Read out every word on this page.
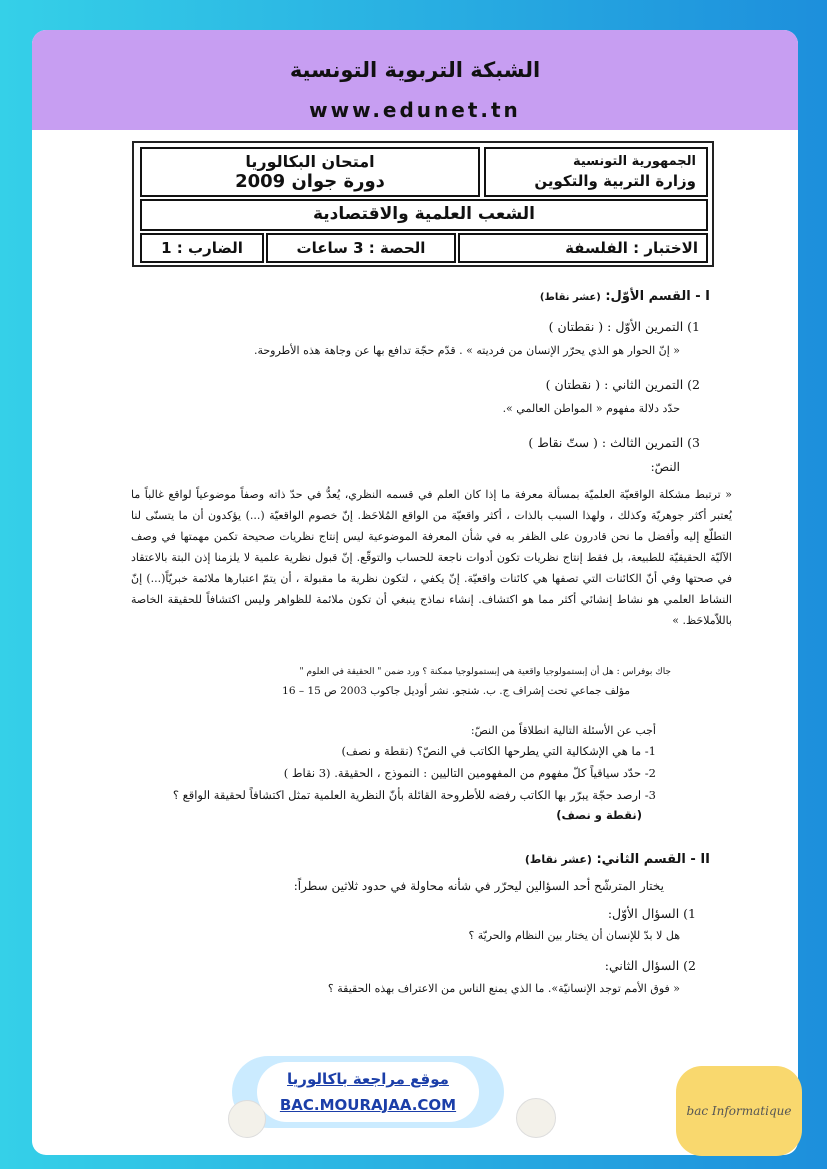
الشبكة التربوية التونسية
www.edunet.tn
الجمهورية التونسية
وزارة التربية والتكوين
امتحان البكالوريا
دورة جوان 2009
الشعب العلمية والاقتصادية
الاختبار : الفلسفة
الحصة : 3 ساعات
الضارب : 1
I - القسم الأوّل: (عشر نقاط)
1) التمرين الأوّل : ( نقطتان )
« إنّ الحوار هو الذي يحرّر الإنسان من فرديته » . قدّم حجّة تدافع بها عن وجاهة هذه الأطروحة.
2) التمرين الثاني : ( نقطتان )
حدّد دلالة مفهوم « المواطن العالمي ».
3) التمرين الثالث : ( ستّ نقاط )
النصّ:
« ترتبط مشكلة الواقعيّة العلميّة بمسألة معرفة ما إذا كان العلم في قسمه النظري، يُعدُّ في حدّ ذاته وصفاً موضوعياً لواقع غالباً ما يُعتبر أكثر جوهريّة وكذلك ، ولهذا السبب بالذات ، أكثر واقعيّة من الواقع المُلاحَظ. إنّ خصوم الواقعيّة (...) يؤكدون أن ما يتسنّى لنا التطلّع إليه وأفضل ما نحن قادرون على الظفر به في شأن المعرفة الموضوعية ليس إنتاج نظريات صحيحة تكمن مهمتها في وصف الآليّة الحقيقيّة للطبيعة، بل فقط إنتاج نظريات تكون أدوات ناجعة للحساب والتوقّع. إنّ قبول نظرية علمية لا يلزمنا إذن البتة بالاعتقاد في صحتها وفي أنّ الكائنات التي تصفها هي كائنات واقعيّة. إنّ يكفي ، لتكون نظرية ما مقبولة ، أن يتمّ اعتبارها ملائمة خبريّاً(...) إنّ النشاط العلمي هو نشاط إنشائي أكثر مما هو اكتشاف. إنشاء نماذج ينبغي أن تكون ملائمة للظواهر وليس اكتشافاً للحقيقة الخاصة باللاّملاحَظ. »
جاك بوفراس : هل أن إبستمولوجيا واقعية هي إبستمولوجيا ممكنة ؟ ورد ضمن " الحقيقة في العلوم "
مؤلف جماعي تحت إشراف ج. ب. شنجو. نشر أوديل جاكوب 2003 ص 15 – 16
أجب عن الأسئلة التالية انطلاقاً من النصّ:
1- ما هي الإشكالية التي يطرحها الكاتب في النصّ؟ (نقطة و نصف)
2- حدّد سياقياً كلّ مفهوم من المفهومين التاليين : النموذج ، الحقيقة. (3 نقاط )
3- ارصد حجّة يبرّر بها الكاتب رفضه للأطروحة القائلة بأنّ النظرية العلمية تمثل اكتشافاً لحقيقة الواقع ؟
(نقطة و نصف)
II - القسم الثاني: (عشر نقاط)
يختار المترشّح أحد السؤالين ليحرّر في شأنه محاولة في حدود ثلاثين سطراً:
1) السؤال الأوّل:
هل لا بدّ للإنسان أن يختار بين النظام والحريّة ؟
2) السؤال الثاني:
« فوق الأمم توجد الإنسانيّة». ما الذي يمنع الناس من الاعتراف بهذه الحقيقة ؟
موقع مراجعة باكالوريا
BAC.MOURAJAA.COM	bac Informatique
